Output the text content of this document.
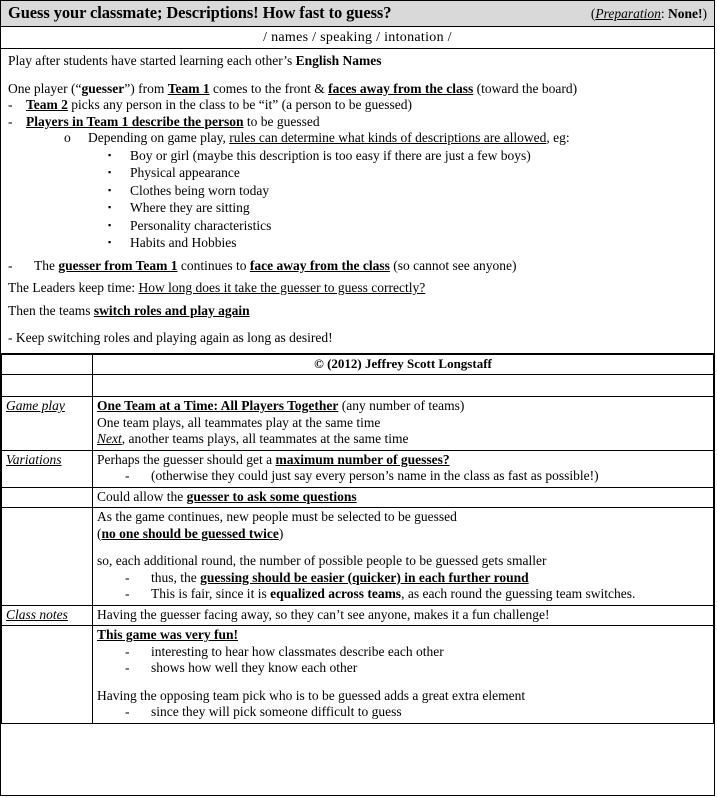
Guess your classmate; Descriptions! How fast to guess?	(Preparation: None!)
/ names / speaking / intonation /
Play after students have started learning each other’s English Names
One player (“guesser”) from Team 1 comes to the front & faces away from the class (toward the board)
- Team 2 picks any person in the class to be “it” (a person to be guessed)
- Players in Team 1 describe the person to be guessed
o Depending on game play, rules can determine what kinds of descriptions are allowed, eg:
▪ Boy or girl (maybe this description is too easy if there are just a few boys)
▪ Physical appearance
▪ Clothes being worn today
▪ Where they are sitting
▪ Personality characteristics
▪ Habits and Hobbies
- The guesser from Team 1 continues to face away from the class (so cannot see anyone)
The Leaders keep time: How long does it take the guesser to guess correctly?
Then the teams switch roles and play again
- Keep switching roles and playing again as long as desired!
	© (2012) Jeffrey Scott Longstaff

Game play	One Team at a Time: All Players Together (any number of teams)
One team plays, all teammates play at the same time
Next, another teams plays, all teammates at the same time

Variations	Perhaps the guesser should get a maximum number of guesses?
- (otherwise they could just say every person’s name in the class as fast as possible!)

	Could allow the guesser to ask some questions

	As the game continues, new people must be selected to be guessed
(no one should be guessed twice)
so, each additional round, the number of possible people to be guessed gets smaller
- thus, the guessing should be easier (quicker) in each further round
- This is fair, since it is equalized across teams, as each round the guessing team switches.

Class notes	Having the guesser facing away, so they can’t see anyone, makes it a fun challenge!

	This game was very fun!
- interesting to hear how classmates describe each other
- shows how well they know each other
Having the opposing team pick who is to be guessed adds a great extra element
- since they will pick someone difficult to guess
